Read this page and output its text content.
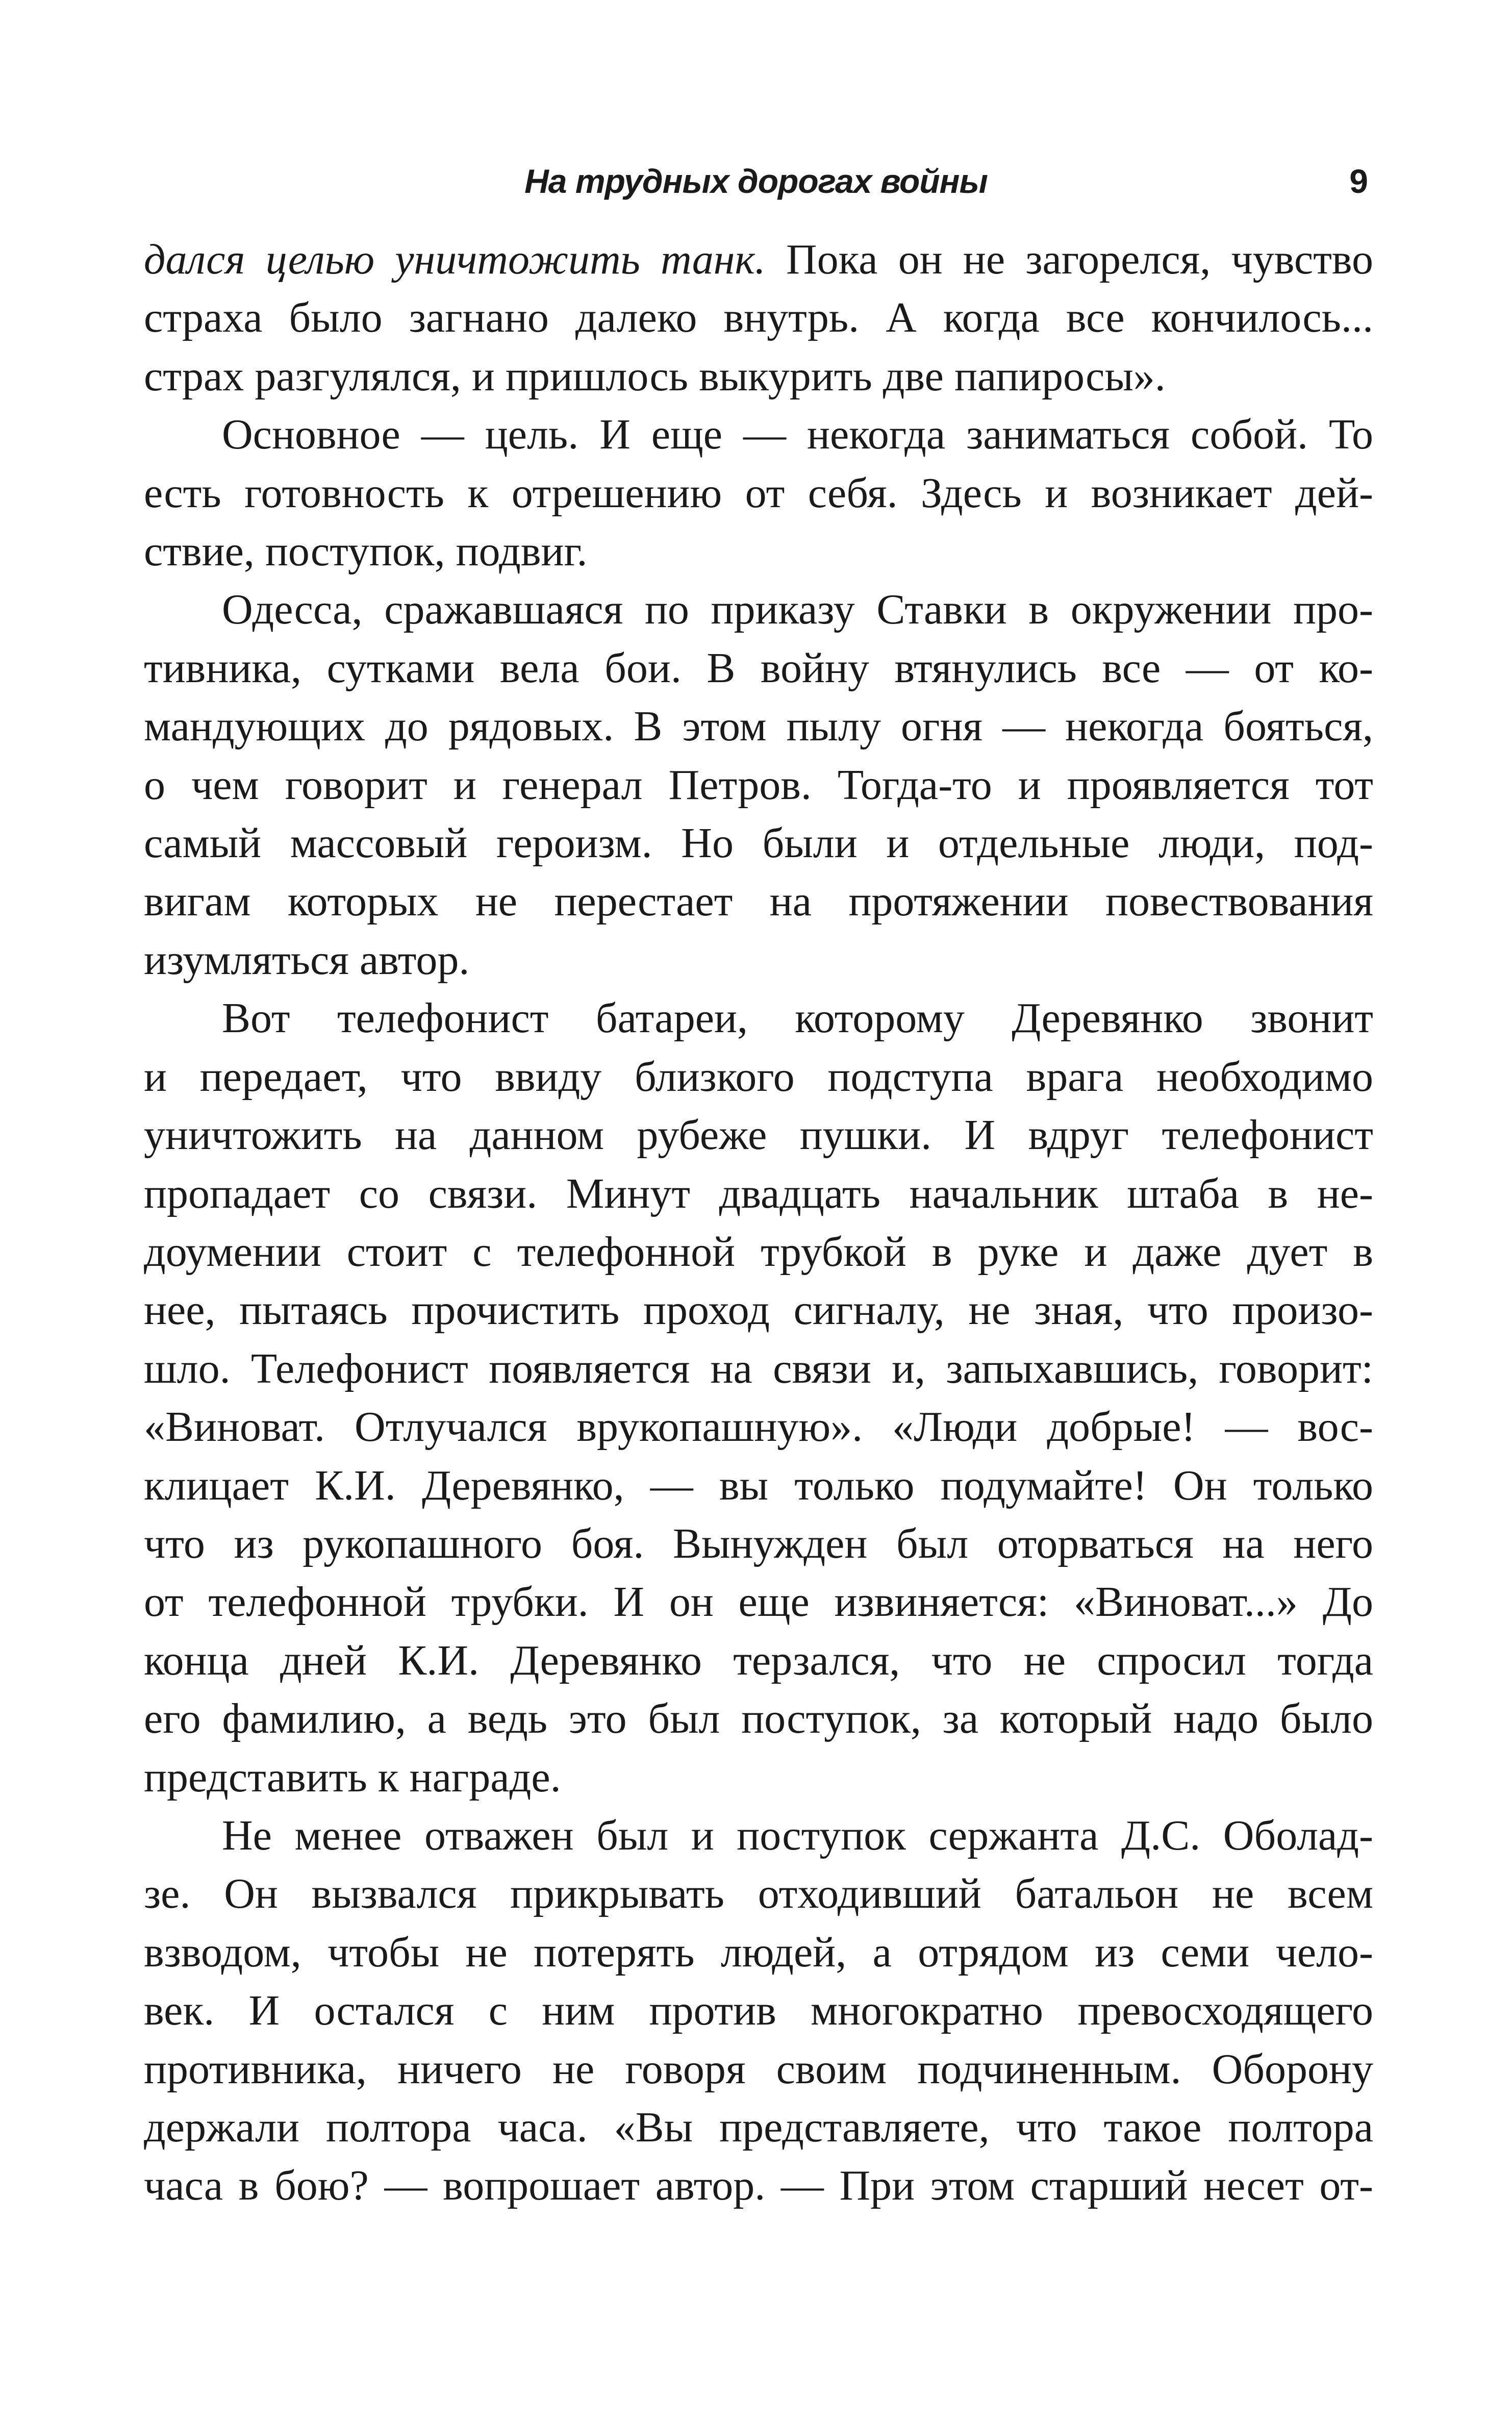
На трудных дорогах войны	9

дался целью уничтожить танк. Пока он не загорелся, чувство
страха было загнано далеко внутрь. А когда все кончилось...
страх разгулялся, и пришлось выкурить две папиросы».

Основное — цель. И еще — некогда заниматься собой. То
есть готовность к отрешению от себя. Здесь и возникает дей-
ствие, поступок, подвиг.

Одесса, сражавшаяся по приказу Ставки в окружении про-
тивника, сутками вела бои. В войну втянулись все — от ко-
мандующих до рядовых. В этом пылу огня — некогда бояться,
о чем говорит и генерал Петров. Тогда-то и проявляется тот
самый массовый героизм. Но были и отдельные люди, под-
вигам которых не перестает на протяжении повествования
изумляться автор.

Вот телефонист батареи, которому Деревянко звонит
и передает, что ввиду близкого подступа врага необходимо
уничтожить на данном рубеже пушки. И вдруг телефонист
пропадает со связи. Минут двадцать начальник штаба в не-
доумении стоит с телефонной трубкой в руке и даже дует в
нее, пытаясь прочистить проход сигналу, не зная, что произо-
шло. Телефонист появляется на связи и, запыхавшись, говорит:
«Виноват. Отлучался врукопашную». «Люди добрые! — вос-
клицает К.И. Деревянко, — вы только подумайте! Он только
что из рукопашного боя. Вынужден был оторваться на него
от телефонной трубки. И он еще извиняется: «Виноват...» До
конца дней К.И. Деревянко терзался, что не спросил тогда
его фамилию, а ведь это был поступок, за который надо было
представить к награде.

Не менее отважен был и поступок сержанта Д.С. Оболад-
зе. Он вызвался прикрывать отходивший батальон не всем
взводом, чтобы не потерять людей, а отрядом из семи чело-
век. И остался с ним против многократно превосходящего
противника, ничего не говоря своим подчиненным. Оборону
держали полтора часа. «Вы представляете, что такое полтора
часа в бою? — вопрошает автор. — При этом старший несет от-
